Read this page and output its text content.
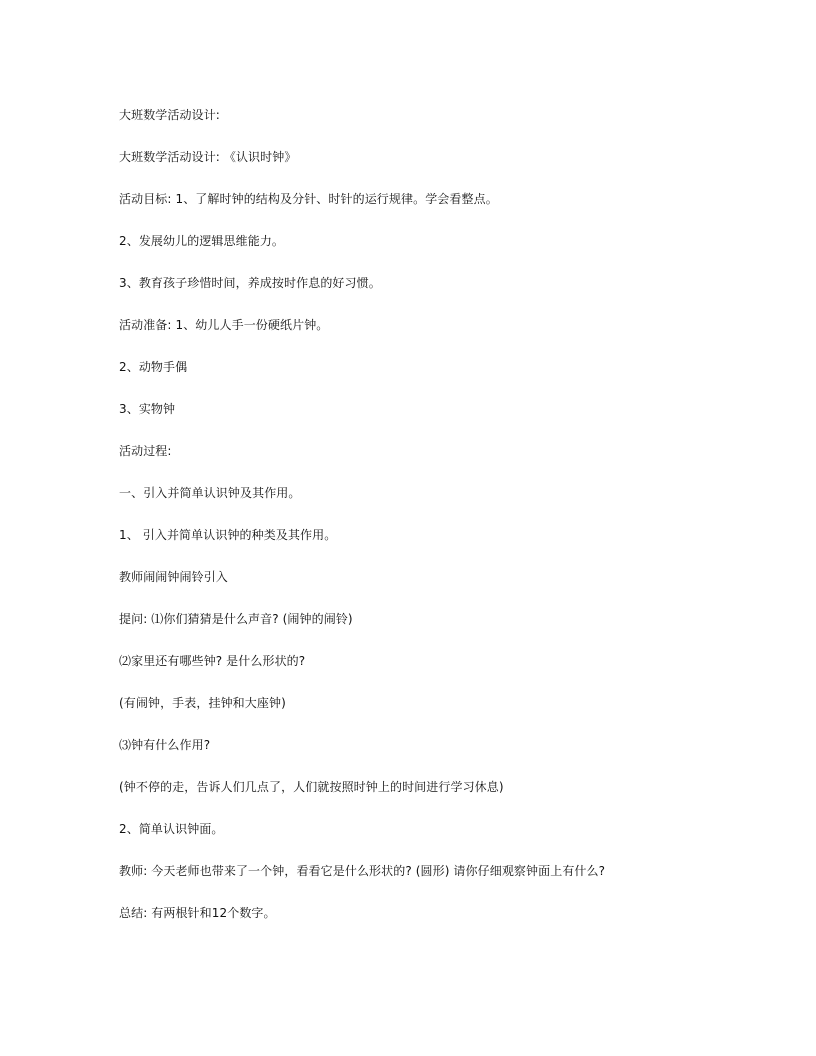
大班数学活动设计:
大班数学活动设计: 《认识时钟》
活动目标: 1、了解时钟的结构及分针、时针的运行规律。学会看整点。
2、发展幼儿的逻辑思维能力。
3、教育孩子珍惜时间，养成按时作息的好习惯。
活动准备: 1、幼儿人手一份硬纸片钟。
2、动物手偶
3、实物钟
活动过程:
一、引入并简单认识钟及其作用。
1、 引入并简单认识钟的种类及其作用。
教师闹闹钟闹铃引入
提问: ⑴你们猜猜是什么声音? (闹钟的闹铃)
⑵家里还有哪些钟? 是什么形状的?
(有闹钟，手表，挂钟和大座钟)
⑶钟有什么作用?
(钟不停的走，告诉人们几点了，人们就按照时钟上的时间进行学习休息)
2、简单认识钟面。
教师: 今天老师也带来了一个钟，看看它是什么形状的? (圆形) 请你仔细观察钟面上有什么?
总结: 有两根针和12个数字。
